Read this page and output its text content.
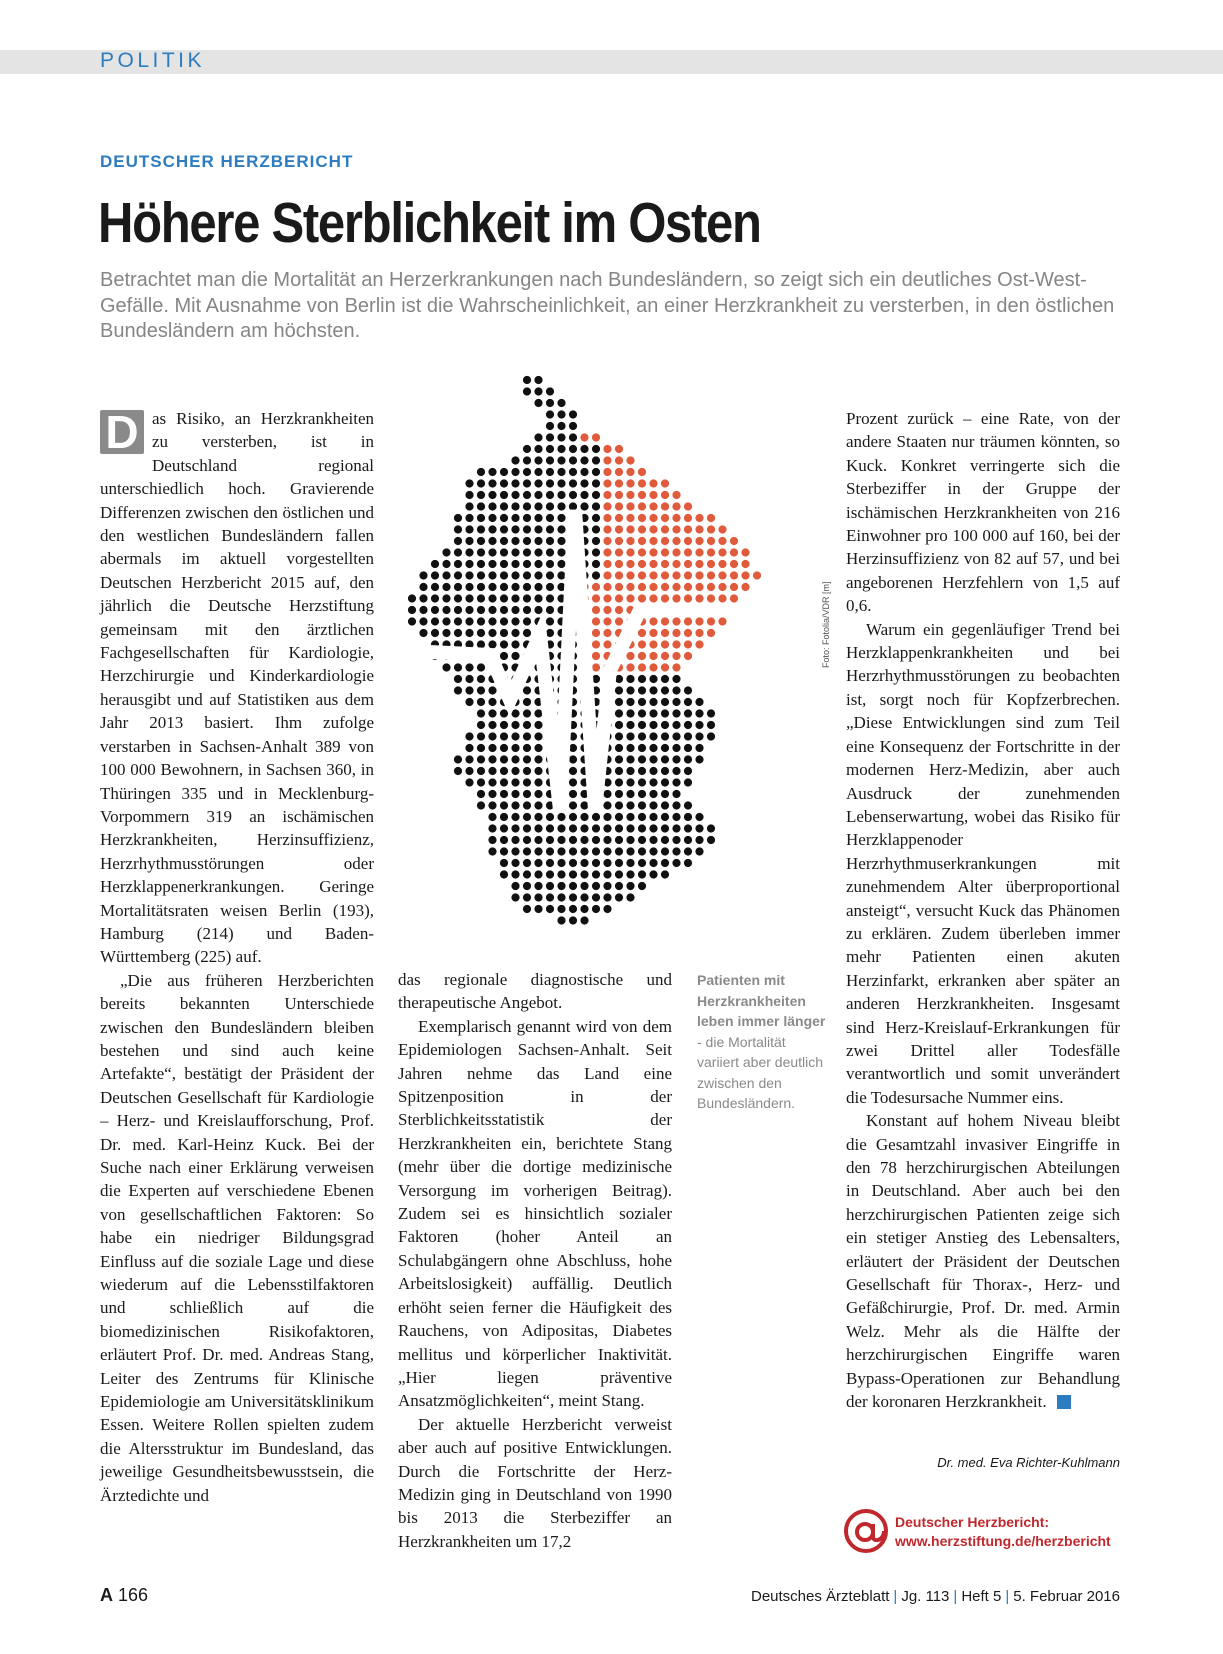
POLITIK
DEUTSCHER HERZBERICHT
Höhere Sterblichkeit im Osten

Betrachtet man die Mortalität an Herzerkrankungen nach Bundesländern, so zeigt sich ein deutliches Ost-West-Gefälle. Mit Ausnahme von Berlin ist die Wahrscheinlichkeit, an einer Herzkrankheit zu versterben, in den östlichen Bundesländern am höchsten.

D as Risiko, an Herzkrankheiten zu versterben, ist in Deutschland regional unterschiedlich hoch. Gravierende Differenzen zwischen den östlichen und den westlichen Bundesländern fallen abermals im aktuell vorgestellten Deutschen Herzbericht 2015 auf, den jährlich die Deutsche Herzstiftung gemeinsam mit den ärztlichen Fachgesellschaften für Kardiologie, Herzchirurgie und Kinderkardiologie herausgibt und auf Statistiken aus dem Jahr 2013 basiert. Ihm zufolge verstarben in Sachsen-Anhalt 389 von 100 000 Bewohnern, in Sachsen 360, in Thüringen 335 und in Mecklenburg-Vorpommern 319 an ischämischen Herzkrankheiten, Herzinsuffizienz, Herzrhythmusstörungen oder Herzklappenerkrankungen. Geringe Mortalitätsraten weisen Berlin (193), Hamburg (214) und Baden-Württemberg (225) auf.

„Die aus früheren Herzberichten bereits bekannten Unterschiede zwischen den Bundesländern bleiben bestehen und sind auch keine Artefakte“, bestätigt der Präsident der Deutschen Gesellschaft für Kardiologie – Herz- und Kreislaufforschung, Prof. Dr. med. Karl-Heinz Kuck. Bei der Suche nach einer Erklärung verweisen die Experten auf verschiedene Ebenen von gesellschaftlichen Faktoren: So habe ein niedriger Bildungsgrad Einfluss auf die soziale Lage und diese wiederum auf die Lebensstilfaktoren und schließlich auf die biomedizinischen Risikofaktoren, erläutert Prof. Dr. med. Andreas Stang, Leiter des Zentrums für Klinische Epidemiologie am Universitätsklinikum Essen. Weitere Rollen spielten zudem die Altersstruktur im Bundesland, das jeweilige Gesundheitsbewusstsein, die Ärztedichte und

Foto: Fotolia/VDR [m]

das regionale diagnostische und therapeutische Angebot.

Exemplarisch genannt wird von dem Epidemiologen Sachsen-Anhalt. Seit Jahren nehme das Land eine Spitzenposition in der Sterblichkeitsstatistik der Herzkrankheiten ein, berichtete Stang (mehr über die dortige medizinische Versorgung im vorherigen Beitrag). Zudem sei es hinsichtlich sozialer Faktoren (hoher Anteil an Schulabgängern ohne Abschluss, hohe Arbeitslosigkeit) auffällig. Deutlich erhöht seien ferner die Häufigkeit des Rauchens, von Adipositas, Diabetes mellitus und körperlicher Inaktivität. „Hier liegen präventive Ansatzmöglichkeiten“, meint Stang.

Der aktuelle Herzbericht verweist aber auch auf positive Entwicklungen. Durch die Fortschritte der Herz-Medizin ging in Deutschland von 1990 bis 2013 die Sterbeziffer an Herzkrankheiten um 17,2

Patienten mit Herzkrankheiten leben immer länger - die Mortalität variiert aber deutlich zwischen den Bundesländern.

Prozent zurück – eine Rate, von der andere Staaten nur träumen könnten, so Kuck. Konkret verringerte sich die Sterbeziffer in der Gruppe der ischämischen Herzkrankheiten von 216 Einwohner pro 100 000 auf 160, bei der Herzinsuffizienz von 82 auf 57, und bei angeborenen Herzfehlern von 1,5 auf 0,6.

Warum ein gegenläufiger Trend bei Herzklappenkrankheiten und bei Herzrhythmusstörungen zu beobachten ist, sorgt noch für Kopfzerbrechen. „Diese Entwicklungen sind zum Teil eine Konsequenz der Fortschritte in der modernen Herz-Medizin, aber auch Ausdruck der zunehmenden Lebenserwartung, wobei das Risiko für Herzklappenoder Herzrhythmuserkrankungen mit zunehmendem Alter überproportional ansteigt“, versucht Kuck das Phänomen zu erklären. Zudem überleben immer mehr Patienten einen akuten Herzinfarkt, erkranken aber später an anderen Herzkrankheiten. Insgesamt sind Herz-Kreislauf-Erkrankungen für zwei Drittel aller Todesfälle verantwortlich und somit unverändert die Todesursache Nummer eins.

Konstant auf hohem Niveau bleibt die Gesamtzahl invasiver Eingriffe in den 78 herzchirurgischen Abteilungen in Deutschland. Aber auch bei den herzchirurgischen Patienten zeige sich ein stetiger Anstieg des Lebensalters, erläutert der Präsident der Deutschen Gesellschaft für Thorax-, Herz- und Gefäßchirurgie, Prof. Dr. med. Armin Welz. Mehr als die Hälfte der herzchirurgischen Eingriffe waren Bypass-Operationen zur Behandlung der koronaren Herzkrankheit.

Dr. med. Eva Richter-Kuhlmann
Deutscher Herzbericht:
www.herzstiftung.de/herzbericht
A 166	Deutsches Ärzteblatt | Jg. 113 | Heft 5 | 5. Februar 2016
